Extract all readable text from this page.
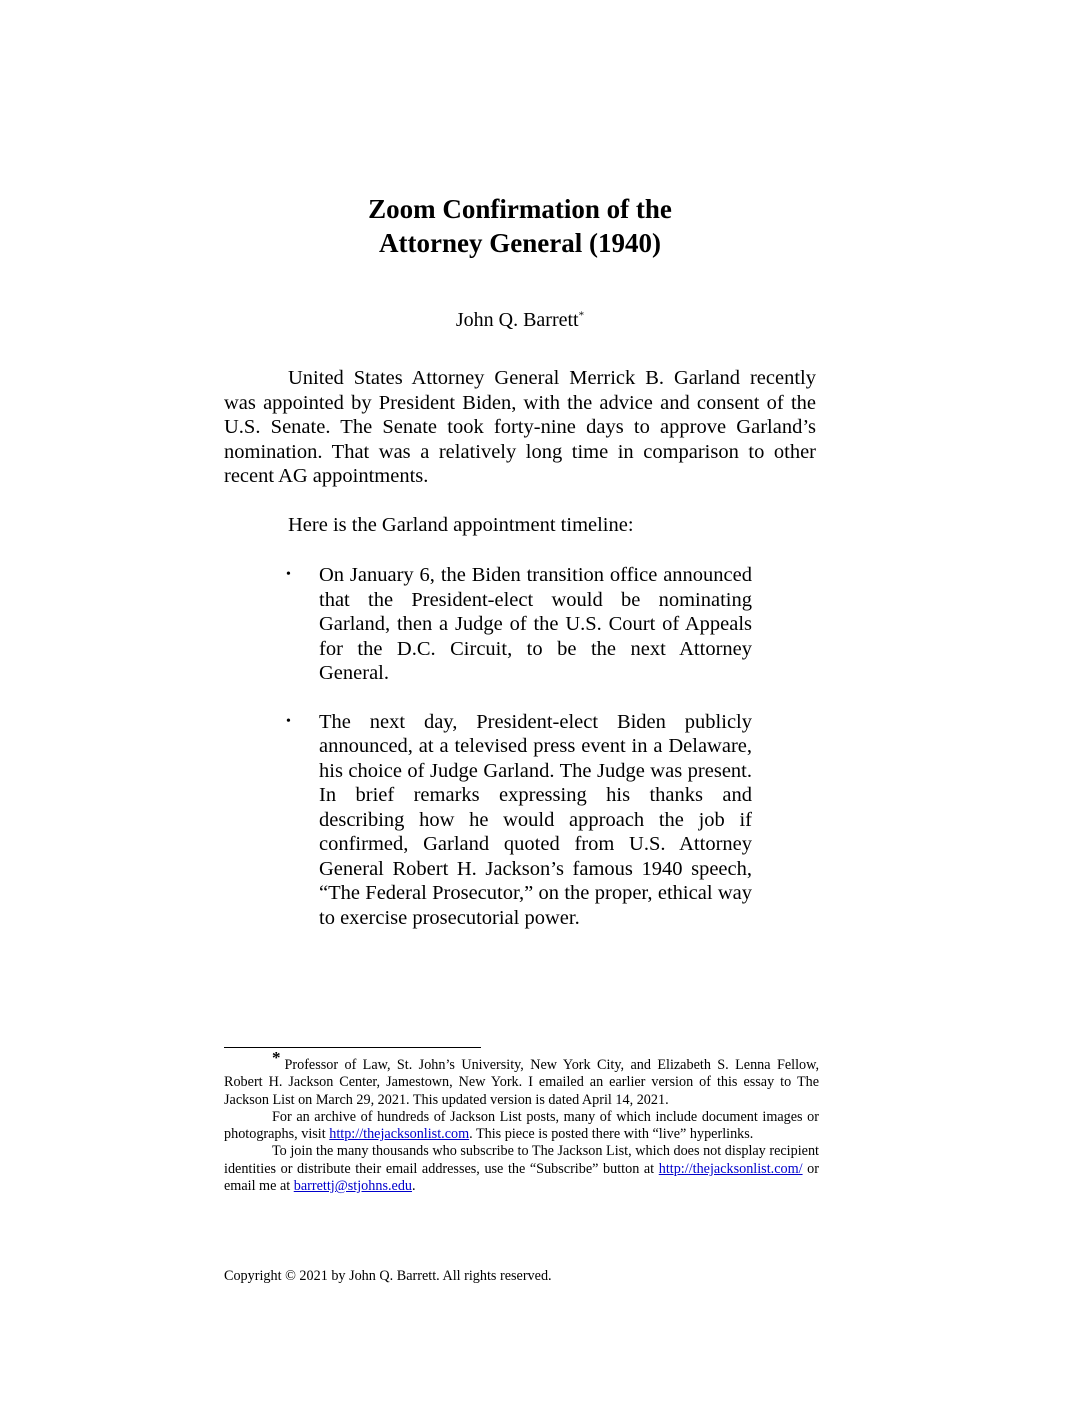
Zoom Confirmation of the
Attorney General (1940)
John Q. Barrett*

United States Attorney General Merrick B. Garland recently was appointed by President Biden, with the advice and consent of the U.S. Senate. The Senate took forty-nine days to approve Garland’s nomination. That was a relatively long time in comparison to other recent AG appointments.

Here is the Garland appointment timeline:

• On January 6, the Biden transition office announced that the President-elect would be nominating Garland, then a Judge of the U.S. Court of Appeals for the D.C. Circuit, to be the next Attorney General.
• The next day, President-elect Biden publicly announced, at a televised press event in a Delaware, his choice of Judge Garland. The Judge was present. In brief remarks expressing his thanks and describing how he would approach the job if confirmed, Garland quoted from U.S. Attorney General Robert H. Jackson’s famous 1940 speech, “The Federal Prosecutor,” on the proper, ethical way to exercise prosecutorial power.

* Professor of Law, St. John’s University, New York City, and Elizabeth S. Lenna Fellow, Robert H. Jackson Center, Jamestown, New York. I emailed an earlier version of this essay to The Jackson List on March 29, 2021. This updated version is dated April 14, 2021.

For an archive of hundreds of Jackson List posts, many of which include document images or photographs, visit http://thejacksonlist.com. This piece is posted there with “live” hyperlinks.

To join the many thousands who subscribe to The Jackson List, which does not display recipient identities or distribute their email addresses, use the “Subscribe” button at http://thejacksonlist.com/ or email me at barrettj@stjohns.edu.

Copyright © 2021 by John Q. Barrett. All rights reserved.
